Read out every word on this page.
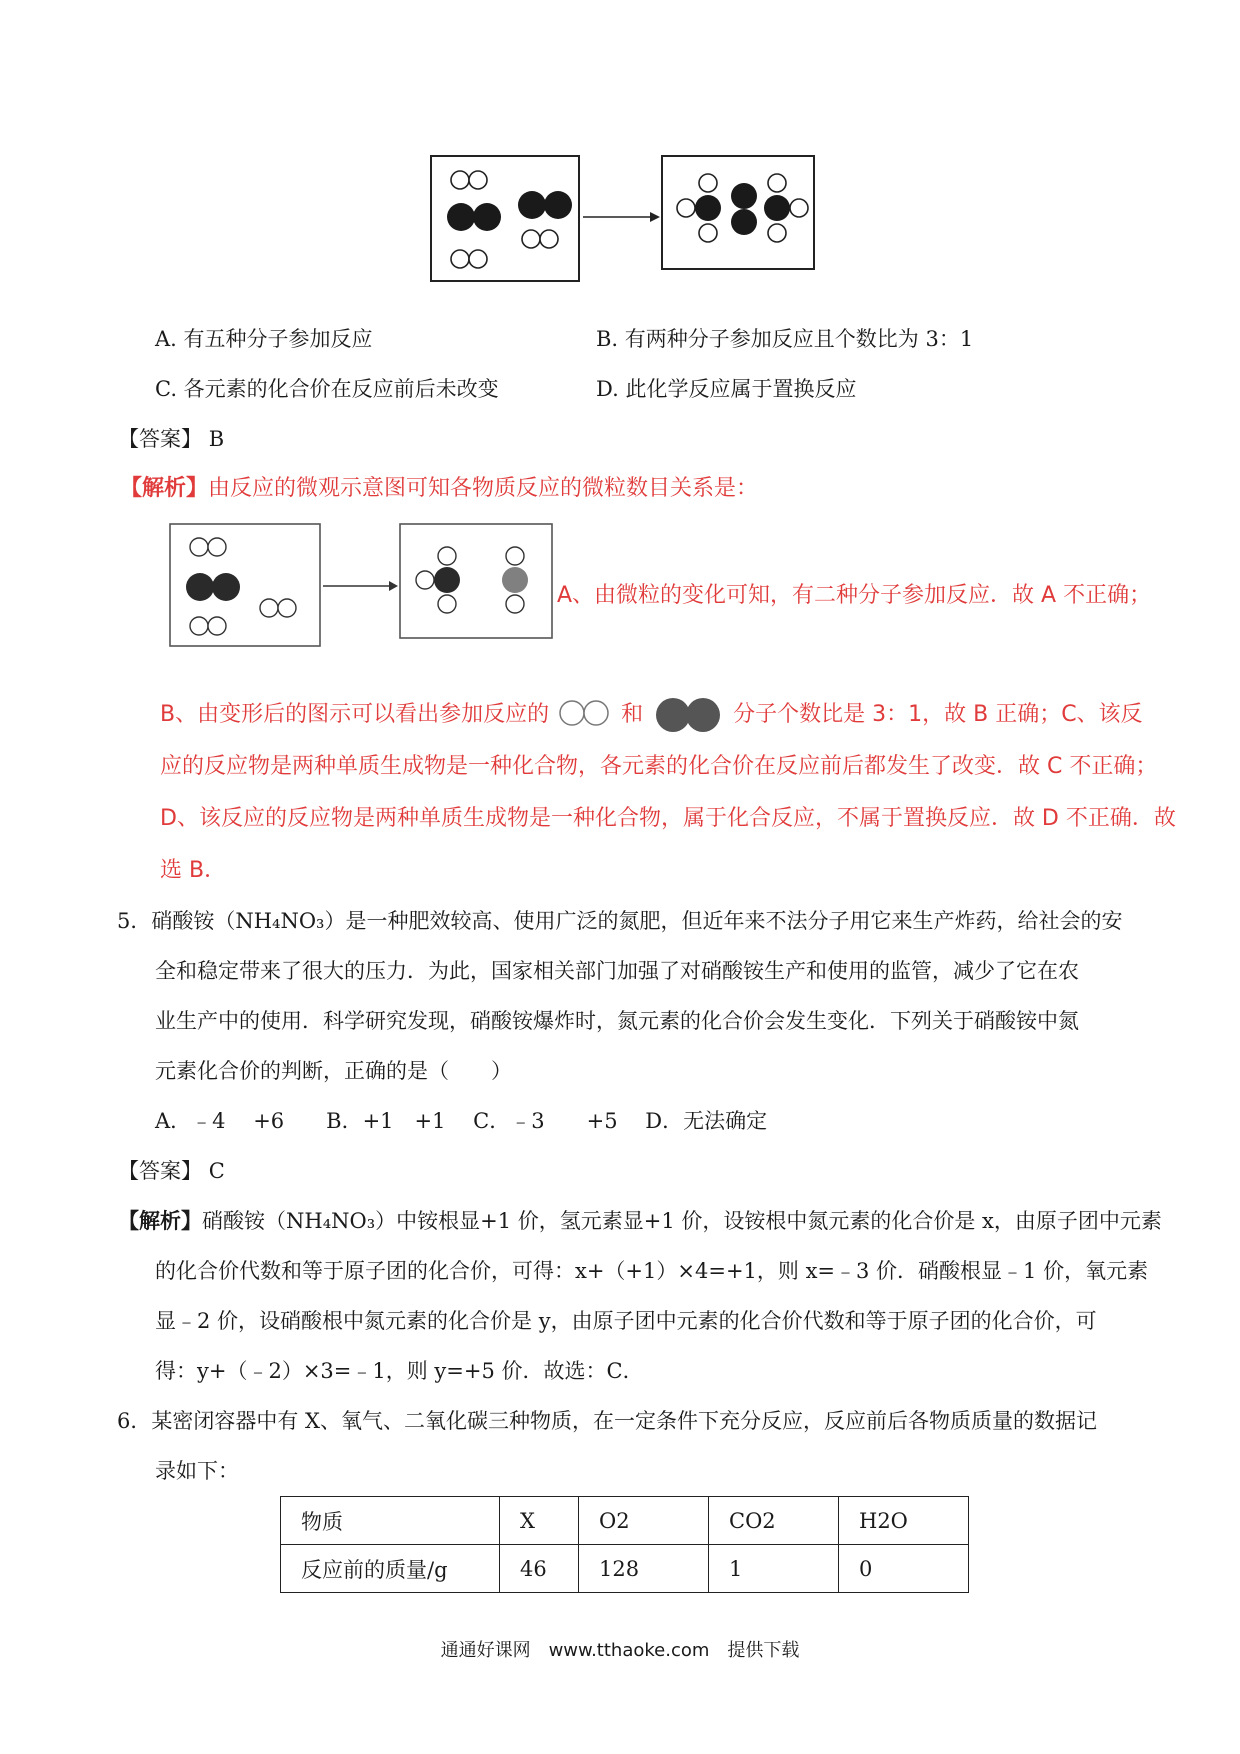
A. 有五种分子参加反应	B. 有两种分子参加反应且个数比为 3：1
C. 各元素的化合价在反应前后未改变	D. 此化学反应属于置换反应
【答案】 B
【解析】由反应的微观示意图可知各物质反应的微粒数目关系是：
A、由微粒的变化可知，有二种分子参加反应．故 A 不正确；
B、由变形后的图示可以看出参加反应的	和	分子个数比是 3：1，故 B 正确；C、该反
应的反应物是两种单质生成物是一种化合物，各元素的化合价在反应前后都发生了改变．故 C 不正确；
D、该反应的反应物是两种单质生成物是一种化合物，属于化合反应，不属于置换反应．故 D 不正确．故
选 B．
5．硝酸铵（NH₄NO₃）是一种肥效较高、使用广泛的氮肥，但近年来不法分子用它来生产炸药，给社会的安
全和稳定带来了很大的压力．为此，国家相关部门加强了对硝酸铵生产和使用的监管，减少了它在农
业生产中的使用．科学研究发现，硝酸铵爆炸时，氮元素的化合价会发生变化．下列关于硝酸铵中氮
元素化合价的判断，正确的是（　　）
A．﹣4　 +6　　B．+1　+1　 C．﹣3　　+5　 D．无法确定
【答案】 C
【解析】硝酸铵（NH₄NO₃）中铵根显+1 价，氢元素显+1 价，设铵根中氮元素的化合价是 x，由原子团中元素
的化合价代数和等于原子团的化合价，可得：x+（+1）×4=+1，则 x=﹣3 价．硝酸根显﹣1 价，氧元素
显﹣2 价，设硝酸根中氮元素的化合价是 y，由原子团中元素的化合价代数和等于原子团的化合价，可
得：y+（﹣2）×3=﹣1，则 y=+5 价．故选：C．
6．某密闭容器中有 X、氧气、二氧化碳三种物质，在一定条件下充分反应，反应前后各物质质量的数据记
录如下：
物质	X	O2	CO2	H2O
反应前的质量/g	46	128	1	0
通通好课网　www.tthaoke.com　提供下载
